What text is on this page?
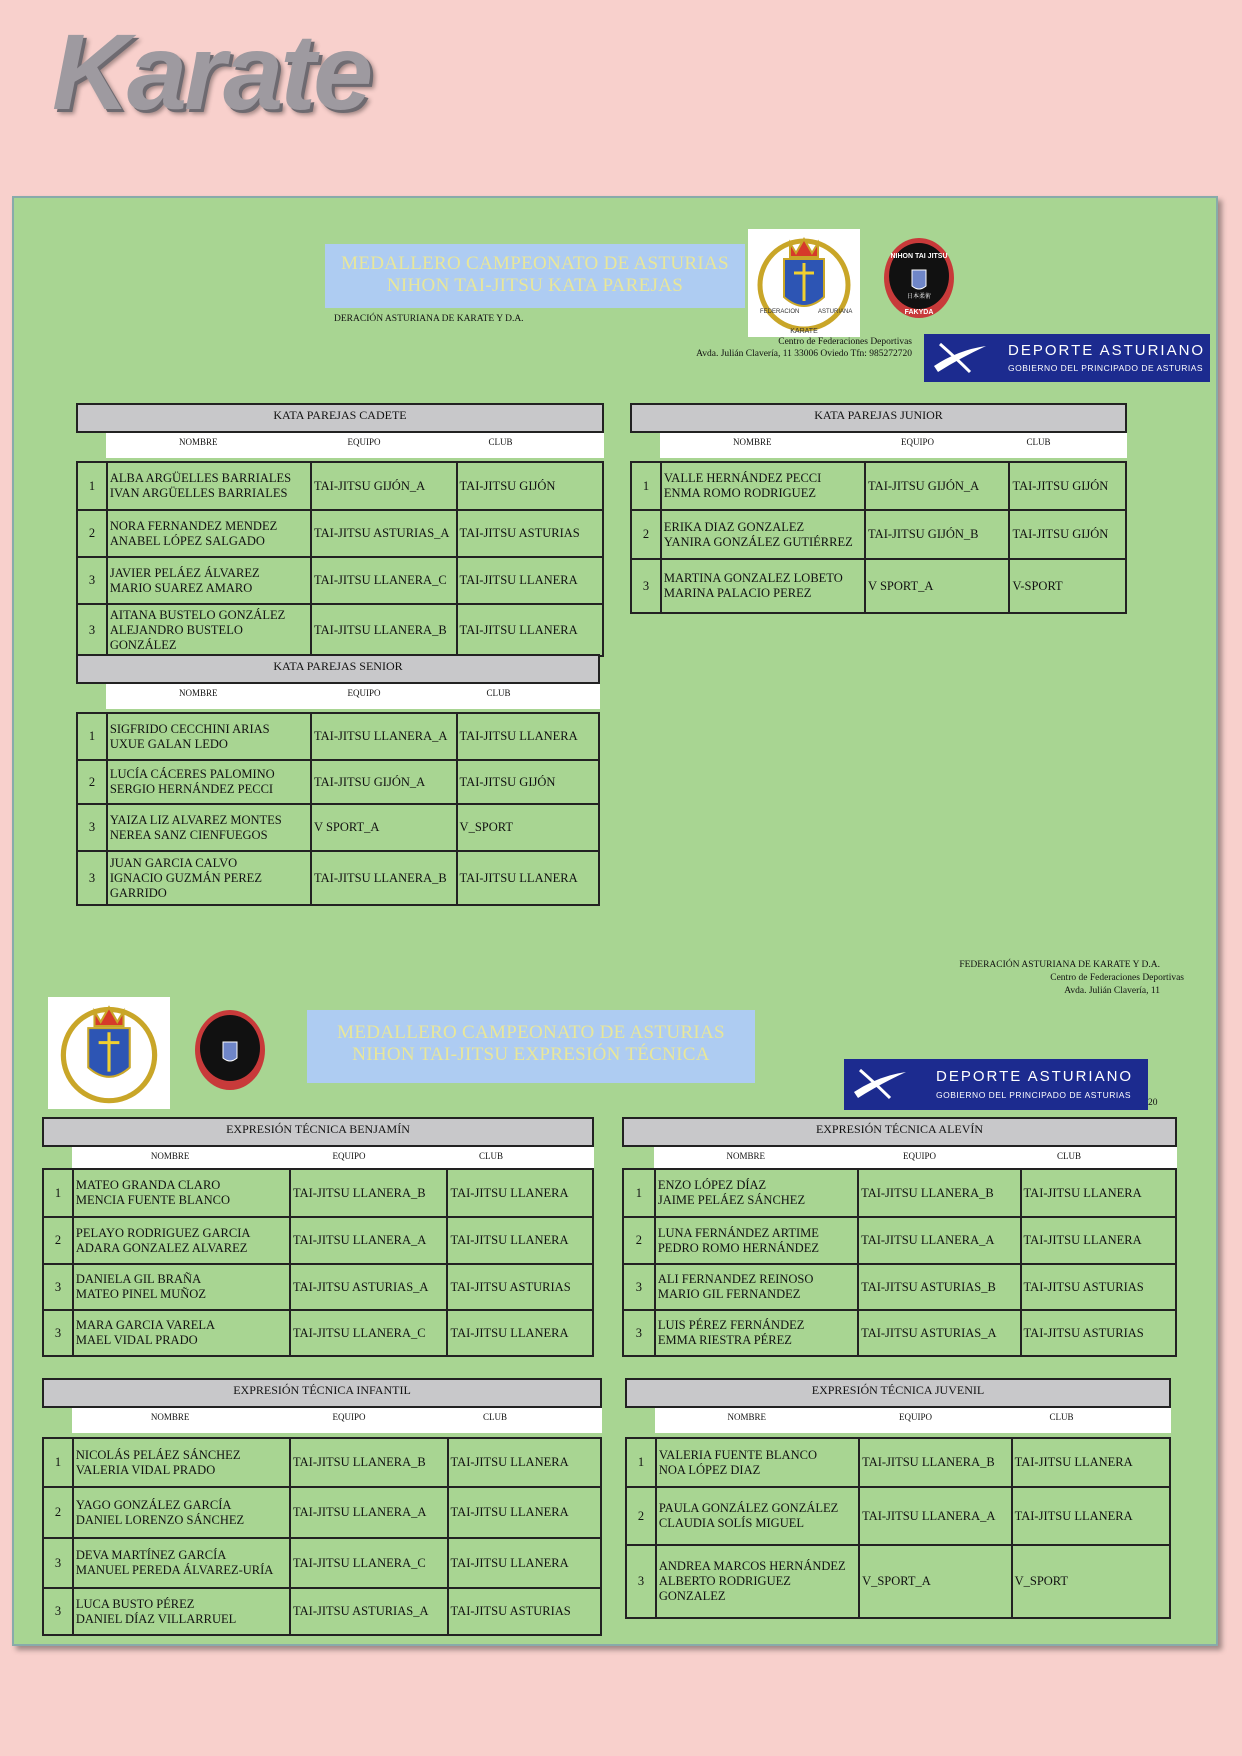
Karate
MEDALLERO CAMPEONATO DE ASTURIAS
NIHON TAI-JITSU KATA PAREJAS
DERACIÓN ASTURIANA DE KARATE Y D.A.
Centro de Federaciones Deportivas
Avda. Julián Clavería, 11 33006 Oviedo Tfn: 985272720
KARATE
FEDERACION	ASTURIANA
NIHON TAI JITSU
日本柔術
FAKYDA
DEPORTE ASTURIANO
GOBIERNO DEL PRINCIPADO DE ASTURIAS
FEDERACIÓN ASTURIANA DE KARATE Y D.A.
Centro de Federaciones Deportivas
Avda. Julián Clavería, 11
MEDALLERO CAMPEONATO DE ASTURIAS
NIHON TAI-JITSU EXPRESIÓN TÉCNICA
DEPORTE ASTURIANO
GOBIERNO DEL PRINCIPADO DE ASTURIAS
20
KATA PAREJAS CADETE
NOMBRE	EQUIPO	CLUB
1	ALBA ARGÜELLES BARRIALES
IVAN ARGÜELLES BARRIALES	TAI-JITSU GIJÓN_A	TAI-JITSU GIJÓN
2	NORA FERNANDEZ MENDEZ
ANABEL LÓPEZ SALGADO	TAI-JITSU ASTURIAS_A	TAI-JITSU ASTURIAS
3	JAVIER PELÁEZ ÁLVAREZ
MARIO SUAREZ AMARO	TAI-JITSU LLANERA_C	TAI-JITSU LLANERA
3	AITANA BUSTELO GONZÁLEZ
ALEJANDRO BUSTELO GONZÁLEZ	TAI-JITSU LLANERA_B	TAI-JITSU LLANERA
KATA PAREJAS JUNIOR
NOMBRE	EQUIPO	CLUB
1	VALLE HERNÁNDEZ PECCI
ENMA ROMO RODRIGUEZ	TAI-JITSU GIJÓN_A	TAI-JITSU GIJÓN
2	ERIKA DIAZ GONZALEZ
YANIRA GONZÁLEZ GUTIÉRREZ	TAI-JITSU GIJÓN_B	TAI-JITSU GIJÓN
3	MARTINA GONZALEZ LOBETO
MARINA PALACIO PEREZ	V SPORT_A	V-SPORT
KATA PAREJAS SENIOR
NOMBRE	EQUIPO	CLUB
1	SIGFRIDO CECCHINI ARIAS
UXUE GALAN LEDO	TAI-JITSU LLANERA_A	TAI-JITSU LLANERA
2	LUCÍA CÁCERES PALOMINO
SERGIO HERNÁNDEZ PECCI	TAI-JITSU GIJÓN_A	TAI-JITSU GIJÓN
3	YAIZA LIZ ALVAREZ MONTES
NEREA SANZ CIENFUEGOS	V SPORT_A	V_SPORT
3	JUAN GARCIA CALVO
IGNACIO GUZMÁN PEREZ GARRIDO	TAI-JITSU LLANERA_B	TAI-JITSU LLANERA
EXPRESIÓN TÉCNICA BENJAMÍN
NOMBRE	EQUIPO	CLUB
1	MATEO GRANDA CLARO
MENCIA FUENTE BLANCO	TAI-JITSU LLANERA_B	TAI-JITSU LLANERA
2	PELAYO RODRIGUEZ GARCIA
ADARA GONZALEZ ALVAREZ	TAI-JITSU LLANERA_A	TAI-JITSU LLANERA
3	DANIELA GIL BRAÑA
MATEO PINEL MUÑOZ	TAI-JITSU ASTURIAS_A	TAI-JITSU ASTURIAS
3	MARA GARCIA VARELA
MAEL VIDAL PRADO	TAI-JITSU LLANERA_C	TAI-JITSU LLANERA
EXPRESIÓN TÉCNICA ALEVÍN
NOMBRE	EQUIPO	CLUB
1	ENZO LÓPEZ DÍAZ
JAIME PELÁEZ SÁNCHEZ	TAI-JITSU LLANERA_B	TAI-JITSU LLANERA
2	LUNA FERNÁNDEZ ARTIME
PEDRO ROMO HERNÁNDEZ	TAI-JITSU LLANERA_A	TAI-JITSU LLANERA
3	ALI FERNANDEZ REINOSO
MARIO GIL FERNANDEZ	TAI-JITSU ASTURIAS_B	TAI-JITSU ASTURIAS
3	LUIS PÉREZ FERNÁNDEZ
EMMA RIESTRA PÉREZ	TAI-JITSU ASTURIAS_A	TAI-JITSU ASTURIAS
EXPRESIÓN TÉCNICA INFANTIL
NOMBRE	EQUIPO	CLUB
1	NICOLÁS PELÁEZ SÁNCHEZ
VALERIA VIDAL PRADO	TAI-JITSU LLANERA_B	TAI-JITSU LLANERA
2	YAGO GONZÁLEZ GARCÍA
DANIEL LORENZO SÁNCHEZ	TAI-JITSU LLANERA_A	TAI-JITSU LLANERA
3	DEVA MARTÍNEZ GARCÍA
MANUEL PEREDA ÁLVAREZ-URÍA	TAI-JITSU LLANERA_C	TAI-JITSU LLANERA
3	LUCA BUSTO PÉREZ
DANIEL DÍAZ VILLARRUEL	TAI-JITSU ASTURIAS_A	TAI-JITSU ASTURIAS
EXPRESIÓN TÉCNICA JUVENIL
NOMBRE	EQUIPO	CLUB
1	VALERIA FUENTE BLANCO
NOA LÓPEZ DIAZ	TAI-JITSU LLANERA_B	TAI-JITSU LLANERA
2	PAULA GONZÁLEZ GONZÁLEZ
CLAUDIA SOLÍS MIGUEL	TAI-JITSU LLANERA_A	TAI-JITSU LLANERA
3	ANDREA MARCOS HERNÁNDEZ
ALBERTO RODRIGUEZ GONZALEZ	V_SPORT_A	V_SPORT
